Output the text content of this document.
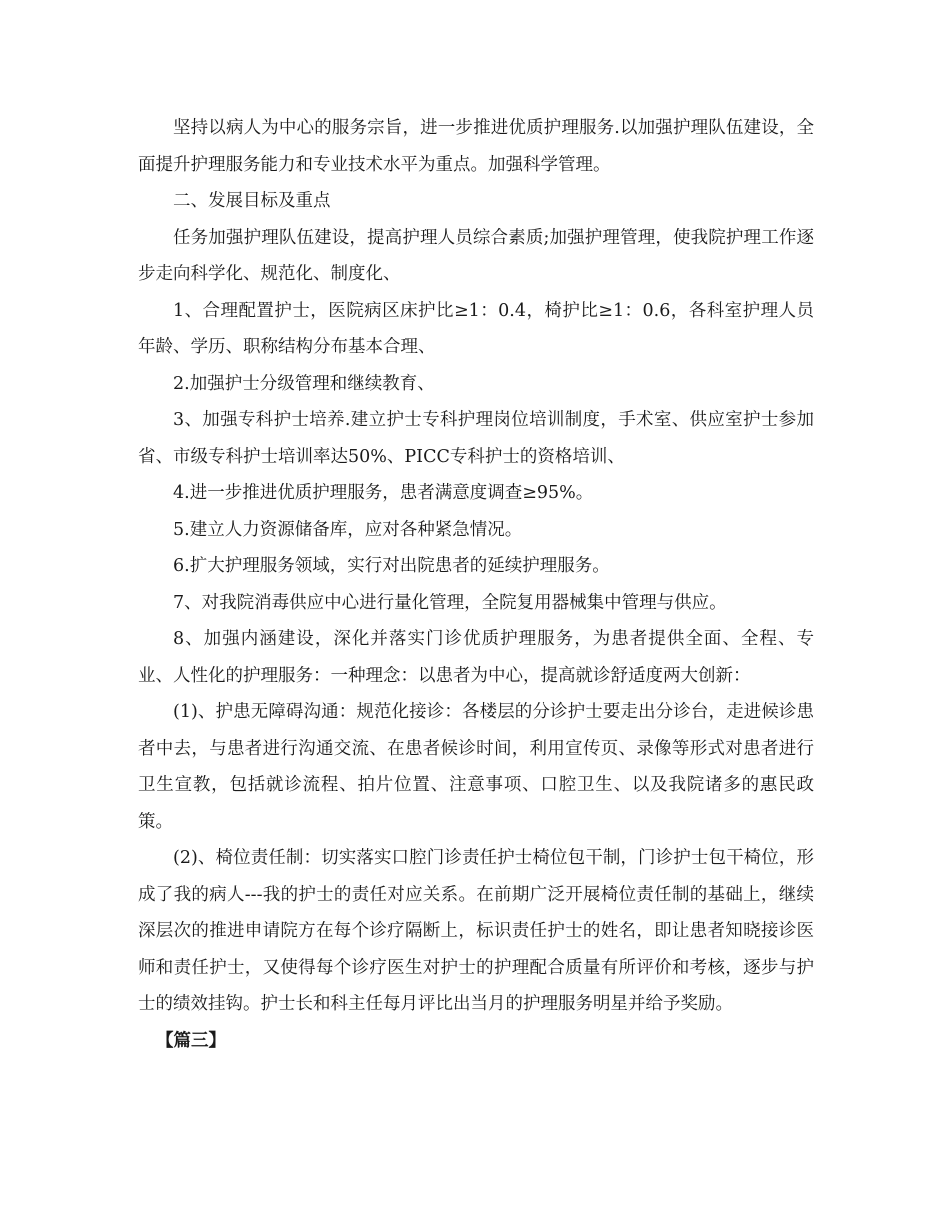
坚持以病人为中心的服务宗旨，进一步推进优质护理服务.以加强护理队伍建设，全面提升护理服务能力和专业技术水平为重点。加强科学管理。

二、发展目标及重点

任务加强护理队伍建设，提高护理人员综合素质;加强护理管理，使我院护理工作逐步走向科学化、规范化、制度化、

1、合理配置护士，医院病区床护比≥1：0.4，椅护比≥1：0.6，各科室护理人员年龄、学历、职称结构分布基本合理、

2.加强护士分级管理和继续教育、

3、加强专科护士培养.建立护士专科护理岗位培训制度，手术室、供应室护士参加省、市级专科护士培训率达50%、PICC专科护士的资格培训、

4.进一步推进优质护理服务，患者满意度调查≥95%。

5.建立人力资源储备库，应对各种紧急情况。

6.扩大护理服务领域，实行对出院患者的延续护理服务。

7、对我院消毒供应中心进行量化管理，全院复用器械集中管理与供应。

8、加强内涵建设，深化并落实门诊优质护理服务，为患者提供全面、全程、专业、人性化的护理服务：一种理念：以患者为中心，提高就诊舒适度两大创新：

(1)、护患无障碍沟通：规范化接诊：各楼层的分诊护士要走出分诊台，走进候诊患者中去，与患者进行沟通交流、在患者候诊时间，利用宣传页、录像等形式对患者进行卫生宣教，包括就诊流程、拍片位置、注意事项、口腔卫生、以及我院诸多的惠民政策。

(2)、椅位责任制：切实落实口腔门诊责任护士椅位包干制，门诊护士包干椅位，形成了我的病人---我的护士的责任对应关系。在前期广泛开展椅位责任制的基础上，继续深层次的推进申请院方在每个诊疗隔断上，标识责任护士的姓名，即让患者知晓接诊医师和责任护士，又使得每个诊疗医生对护士的护理配合质量有所评价和考核，逐步与护士的绩效挂钩。护士长和科主任每月评比出当月的护理服务明星并给予奖励。

【篇三】
